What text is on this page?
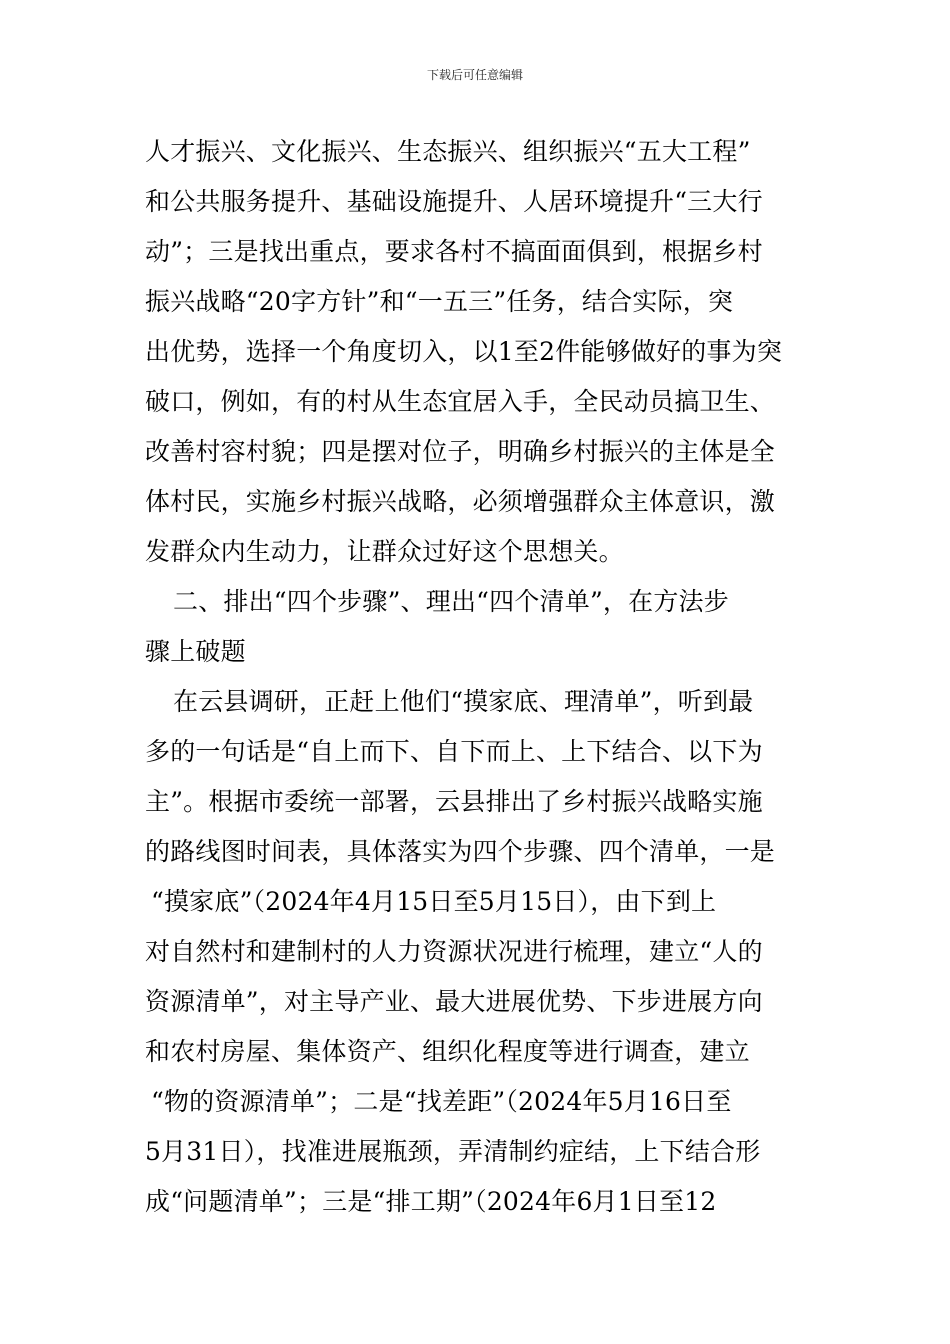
下载后可任意编辑
人才振兴、文化振兴、生态振兴、组织振兴“五大工程”
和公共服务提升、基础设施提升、人居环境提升“三大行
动”；三是找出重点，要求各村不搞面面俱到，根据乡村
振兴战略“20字方针”和“一五三”任务，结合实际，突
出优势，选择一个角度切入，以1至2件能够做好的事为突
破口，例如，有的村从生态宜居入手，全民动员搞卫生、
改善村容村貌；四是摆对位子，明确乡村振兴的主体是全
体村民，实施乡村振兴战略，必须增强群众主体意识，激
发群众内生动力，让群众过好这个思想关。
二、排出“四个步骤”、理出“四个清单”，在方法步
骤上破题
在云县调研，正赶上他们“摸家底、理清单”，听到最
多的一句话是“自上而下、自下而上、上下结合、以下为
主”。根据市委统一部署，云县排出了乡村振兴战略实施
的路线图时间表，具体落实为四个步骤、四个清单，一是
“摸家底”（2024年4月15日至5月15日），由下到上
对自然村和建制村的人力资源状况进行梳理，建立“人的
资源清单”，对主导产业、最大进展优势、下步进展方向
和农村房屋、集体资产、组织化程度等进行调查，建立
“物的资源清单”；二是“找差距”（2024年5月16日至
5月31日），找准进展瓶颈，弄清制约症结，上下结合形
成“问题清单”；三是“排工期”（2024年6月1日至12
